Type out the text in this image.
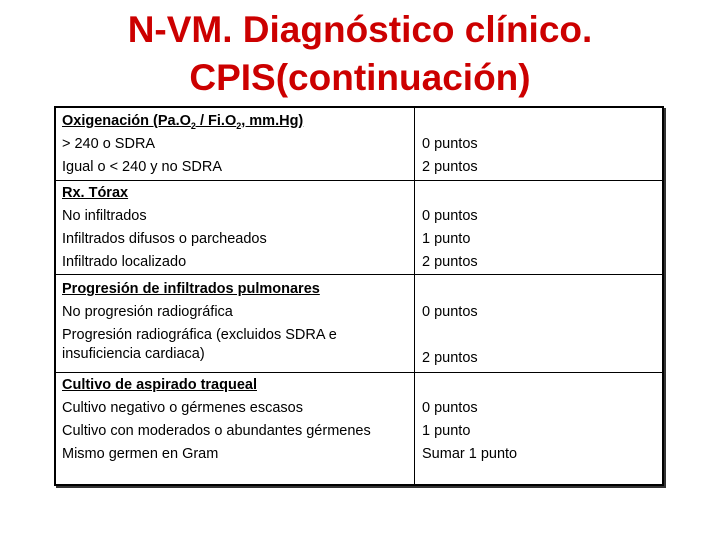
N-VM. Diagnóstico clínico.
CPIS(continuación)
Oxigenación ($Pa.O_2 / Fi.O_2$, mm.Hg)
> 240 o SDRA
Igual o < 240 y no SDRA
0 puntos
2 puntos
Rx. Tórax
No infiltrados
Infiltrados difusos o parcheados
Infiltrado localizado
0 puntos
1 punto
2 puntos
Progresión de infiltrados pulmonares
No progresión radiográfica
Progresión radiográfica (excluidos SDRA e
insuficiencia cardiaca)
0 puntos
2 puntos
Cultivo de aspirado traqueal
Cultivo negativo o gérmenes escasos
Cultivo con moderados o abundantes gérmenes
Mismo germen en Gram
0 puntos
1 punto
Sumar 1 punto
